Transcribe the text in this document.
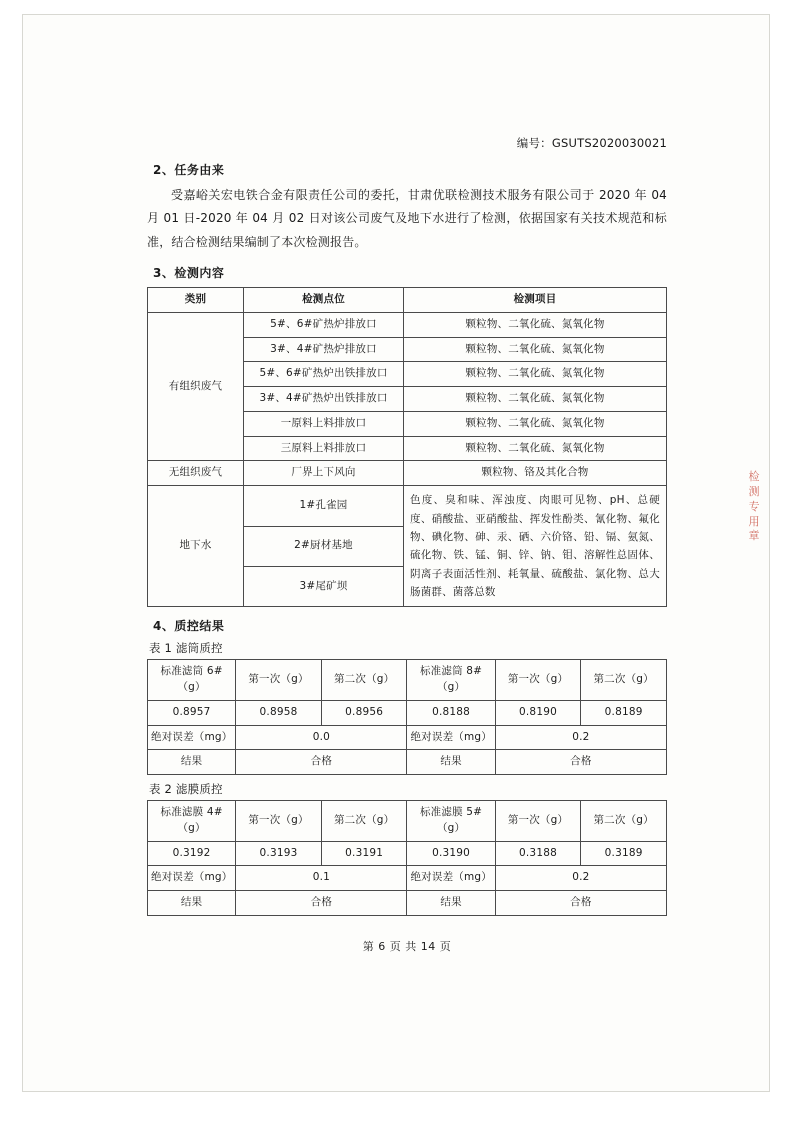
检测专用章
编号：GSUTS2020030021
2、任务由来

受嘉峪关宏电铁合金有限责任公司的委托，甘肃优联检测技术服务有限公司于 2020 年 04 月 01 日-2020 年 04 月 02 日对该公司废气及地下水进行了检测，依据国家有关技术规范和标准，结合检测结果编制了本次检测报告。

3、检测内容
类别	检测点位	检测项目
有组织废气	5#、6#矿热炉排放口	颗粒物、二氧化硫、氮氧化物
	3#、4#矿热炉排放口	颗粒物、二氧化硫、氮氧化物
	5#、6#矿热炉出铁排放口	颗粒物、二氧化硫、氮氧化物
	3#、4#矿热炉出铁排放口	颗粒物、二氧化硫、氮氧化物
	一原料上料排放口	颗粒物、二氧化硫、氮氧化物
	三原料上料排放口	颗粒物、二氧化硫、氮氧化物
无组织废气	厂界上下风向	颗粒物、铬及其化合物
地下水	1#孔雀园	色度、臭和味、浑浊度、肉眼可见物、pH、总硬度、硝酸盐、亚硝酸盐、挥发性酚类、氰化物、氟化物、碘化物、砷、汞、硒、六价铬、铅、镉、氨氮、硫化物、铁、锰、铜、锌、钠、钼、溶解性总固体、阴离子表面活性剂、耗氧量、硫酸盐、氯化物、总大肠菌群、菌落总数
	2#厨材基地	
	3#尾矿坝	
4、质控结果
表 1 滤筒质控
标准滤筒 6#（g）	第一次（g）	第二次（g）	标准滤筒 8#（g）	第一次（g）	第二次（g）
0.8957	0.8958	0.8956	0.8188	0.8190	0.8189
绝对误差（mg）	0.0		绝对误差（mg）	0.2	
结果	合格		结果	合格	
表 2 滤膜质控
标准滤膜 4#（g）	第一次（g）	第二次（g）	标准滤膜 5#（g）	第一次（g）	第二次（g）
0.3192	0.3193	0.3191	0.3190	0.3188	0.3189
绝对误差（mg）	0.1		绝对误差（mg）	0.2	
结果	合格		结果	合格	
第 6 页 共 14 页
